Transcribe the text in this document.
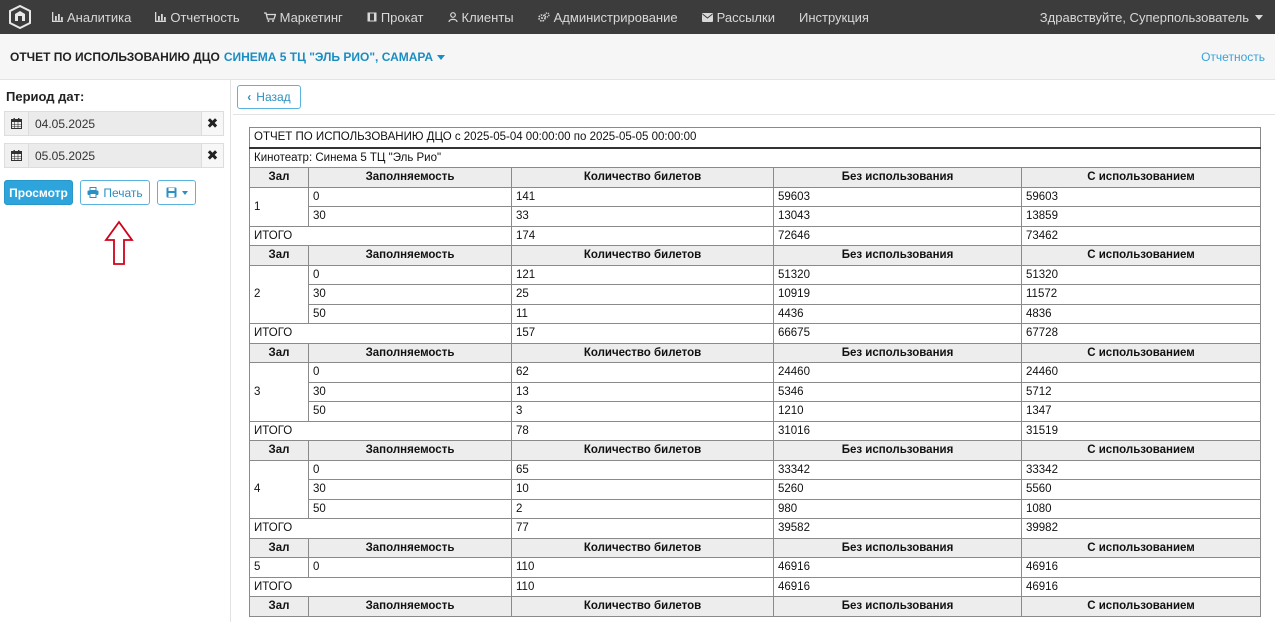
Аналитика	Отчетность	Маркетинг	Прокат	Клиенты	Администрирование	Рассылки Инструкция	Здравствуйте, Суперпользователь
ОТЧЕТ ПО ИСПОЛЬЗОВАНИЮ ДЦО СИНЕМА 5 ТЦ "ЭЛЬ РИО", САМАРА	Отчетность
Период дат:
04.05.2025	✖
05.05.2025	✖
Просмотр	Печать
‹ Назад
ОТЧЕТ ПО ИСПОЛЬЗОВАНИЮ ДЦО с 2025-05-04 00:00:00 по 2025-05-05 00:00:00				
Кинотеатр: Синема 5 ТЦ "Эль Рио"				
Зал	Заполняемость	Количество билетов	Без использования	С использованием
1	0	141	59603	59603
	30	33	13043	13859
ИТОГО		174	72646	73462
Зал	Заполняемость	Количество билетов	Без использования	С использованием
2	0	121	51320	51320
	30	25	10919	11572
	50	11	4436	4836
ИТОГО		157	66675	67728
Зал	Заполняемость	Количество билетов	Без использования	С использованием
3	0	62	24460	24460
	30	13	5346	5712
	50	3	1210	1347
ИТОГО		78	31016	31519
Зал	Заполняемость	Количество билетов	Без использования	С использованием
4	0	65	33342	33342
	30	10	5260	5560
	50	2	980	1080
ИТОГО		77	39582	39982
Зал	Заполняемость	Количество билетов	Без использования	С использованием
5	0	110	46916	46916
ИТОГО		110	46916	46916
Зал	Заполняемость	Количество билетов	Без использования	С использованием
